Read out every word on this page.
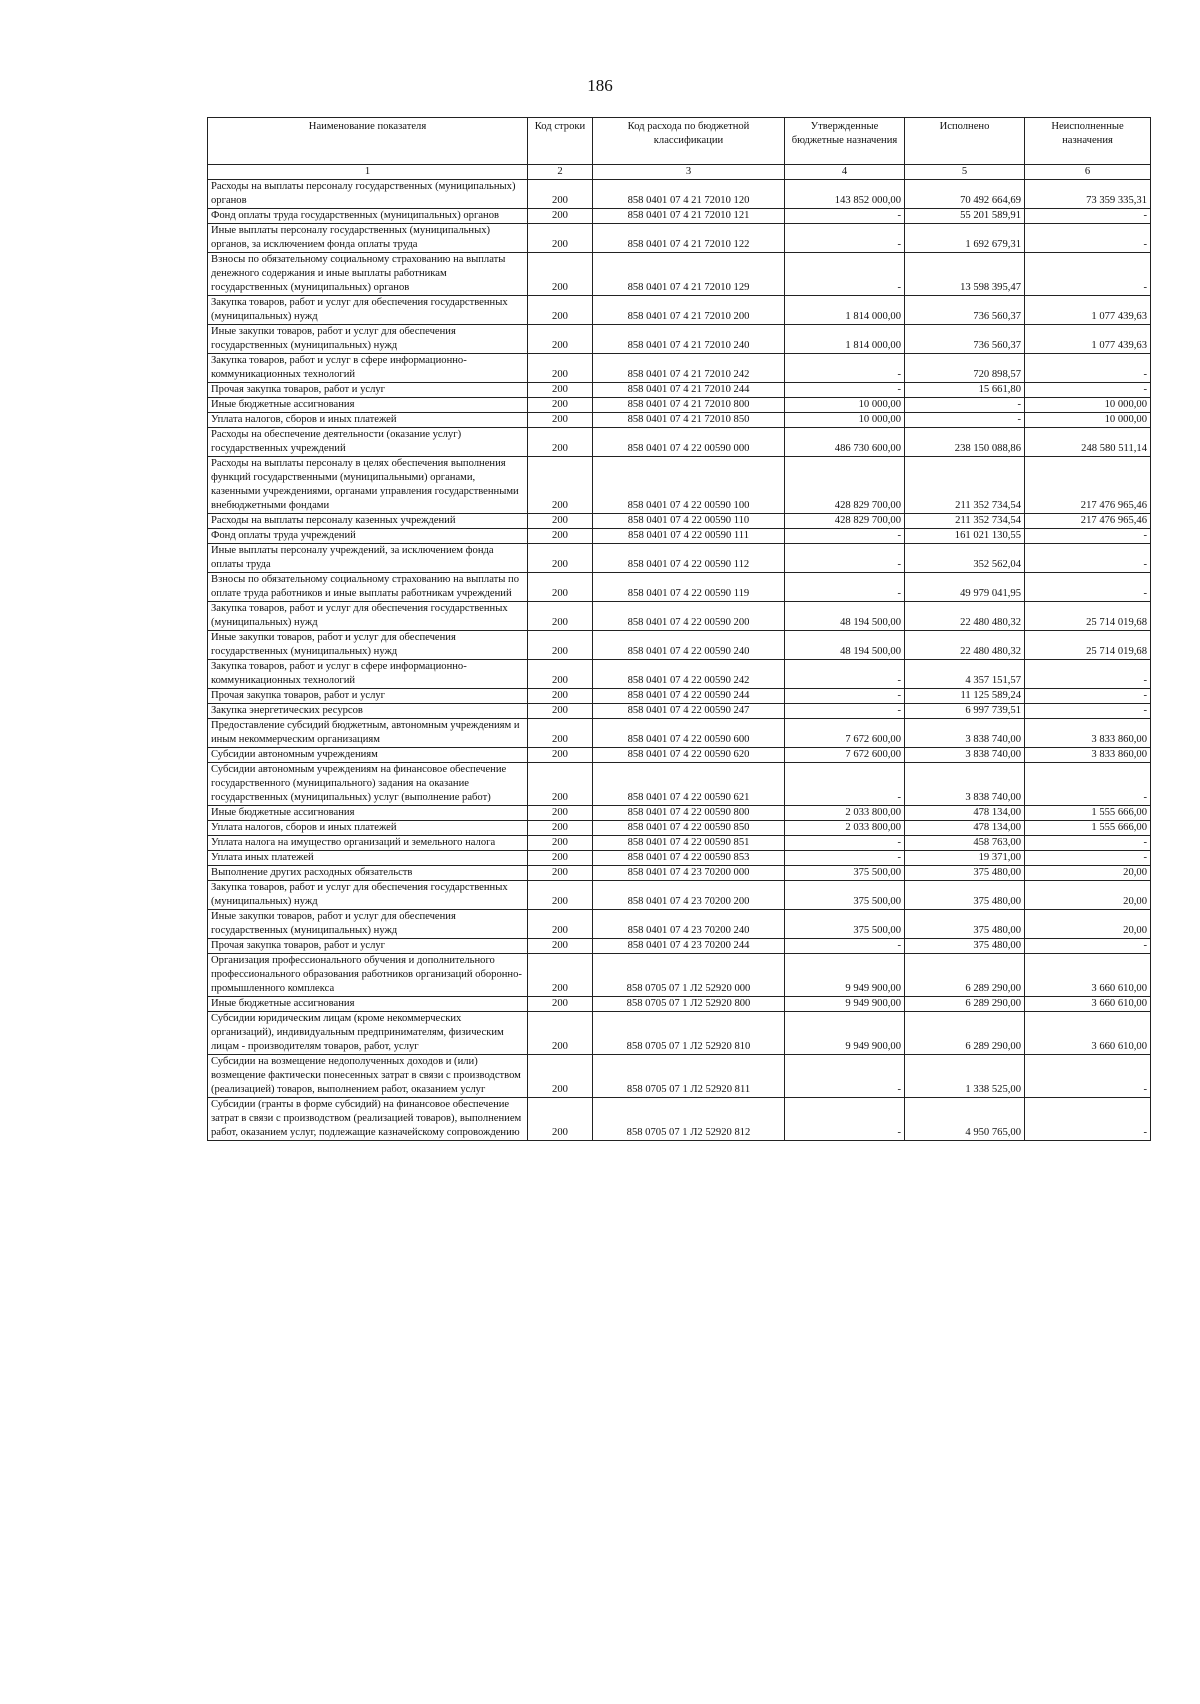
186
Наименование показателя	Код строки	Код расхода по бюджетной классификации	Утвержденные бюджетные назначения	Исполнено	Неисполненные назначения
1	2	3	4	5	6
Расходы на выплаты персоналу государственных (муниципальных) органов	200	858 0401 07 4 21 72010 120	143 852 000,00	70 492 664,69	73 359 335,31
Фонд оплаты труда государственных (муниципальных) органов	200	858 0401 07 4 21 72010 121	-	55 201 589,91	-
Иные выплаты персоналу государственных (муниципальных) органов, за исключением фонда оплаты труда	200	858 0401 07 4 21 72010 122	-	1 692 679,31	-
Взносы по обязательному социальному страхованию на выплаты денежного содержания и иные выплаты работникам государственных (муниципальных) органов	200	858 0401 07 4 21 72010 129	-	13 598 395,47	-
Закупка товаров, работ и услуг для обеспечения государственных (муниципальных) нужд	200	858 0401 07 4 21 72010 200	1 814 000,00	736 560,37	1 077 439,63
Иные закупки товаров, работ и услуг для обеспечения государственных (муниципальных) нужд	200	858 0401 07 4 21 72010 240	1 814 000,00	736 560,37	1 077 439,63
Закупка товаров, работ и услуг в сфере информационно-коммуникационных технологий	200	858 0401 07 4 21 72010 242	-	720 898,57	-
Прочая закупка товаров, работ и услуг	200	858 0401 07 4 21 72010 244	-	15 661,80	-
Иные бюджетные ассигнования	200	858 0401 07 4 21 72010 800	10 000,00	-	10 000,00
Уплата налогов, сборов и иных платежей	200	858 0401 07 4 21 72010 850	10 000,00	-	10 000,00
Расходы на обеспечение деятельности (оказание услуг) государственных учреждений	200	858 0401 07 4 22 00590 000	486 730 600,00	238 150 088,86	248 580 511,14
Расходы на выплаты персоналу в целях обеспечения выполнения функций государственными (муниципальными) органами, казенными учреждениями, органами управления государственными внебюджетными фондами	200	858 0401 07 4 22 00590 100	428 829 700,00	211 352 734,54	217 476 965,46
Расходы на выплаты персоналу казенных учреждений	200	858 0401 07 4 22 00590 110	428 829 700,00	211 352 734,54	217 476 965,46
Фонд оплаты труда учреждений	200	858 0401 07 4 22 00590 111	-	161 021 130,55	-
Иные выплаты персоналу учреждений, за исключением фонда оплаты труда	200	858 0401 07 4 22 00590 112	-	352 562,04	-
Взносы по обязательному социальному страхованию на выплаты по оплате труда работников и иные выплаты работникам учреждений	200	858 0401 07 4 22 00590 119	-	49 979 041,95	-
Закупка товаров, работ и услуг для обеспечения государственных (муниципальных) нужд	200	858 0401 07 4 22 00590 200	48 194 500,00	22 480 480,32	25 714 019,68
Иные закупки товаров, работ и услуг для обеспечения государственных (муниципальных) нужд	200	858 0401 07 4 22 00590 240	48 194 500,00	22 480 480,32	25 714 019,68
Закупка товаров, работ и услуг в сфере информационно-коммуникационных технологий	200	858 0401 07 4 22 00590 242	-	4 357 151,57	-
Прочая закупка товаров, работ и услуг	200	858 0401 07 4 22 00590 244	-	11 125 589,24	-
Закупка энергетических ресурсов	200	858 0401 07 4 22 00590 247	-	6 997 739,51	-
Предоставление субсидий бюджетным, автономным учреждениям и иным некоммерческим организациям	200	858 0401 07 4 22 00590 600	7 672 600,00	3 838 740,00	3 833 860,00
Субсидии автономным учреждениям	200	858 0401 07 4 22 00590 620	7 672 600,00	3 838 740,00	3 833 860,00
Субсидии автономным учреждениям на финансовое обеспечение государственного (муниципального) задания на оказание государственных (муниципальных) услуг (выполнение работ)	200	858 0401 07 4 22 00590 621	-	3 838 740,00	-
Иные бюджетные ассигнования	200	858 0401 07 4 22 00590 800	2 033 800,00	478 134,00	1 555 666,00
Уплата налогов, сборов и иных платежей	200	858 0401 07 4 22 00590 850	2 033 800,00	478 134,00	1 555 666,00
Уплата налога на имущество организаций и земельного налога	200	858 0401 07 4 22 00590 851	-	458 763,00	-
Уплата иных платежей	200	858 0401 07 4 22 00590 853	-	19 371,00	-
Выполнение других расходных обязательств	200	858 0401 07 4 23 70200 000	375 500,00	375 480,00	20,00
Закупка товаров, работ и услуг для обеспечения государственных (муниципальных) нужд	200	858 0401 07 4 23 70200 200	375 500,00	375 480,00	20,00
Иные закупки товаров, работ и услуг для обеспечения государственных (муниципальных) нужд	200	858 0401 07 4 23 70200 240	375 500,00	375 480,00	20,00
Прочая закупка товаров, работ и услуг	200	858 0401 07 4 23 70200 244	-	375 480,00	-
Организация профессионального обучения и дополнительного профессионального образования работников организаций оборонно-промышленного комплекса	200	858 0705 07 1 Л2 52920 000	9 949 900,00	6 289 290,00	3 660 610,00
Иные бюджетные ассигнования	200	858 0705 07 1 Л2 52920 800	9 949 900,00	6 289 290,00	3 660 610,00
Субсидии юридическим лицам (кроме некоммерческих организаций), индивидуальным предпринимателям, физическим лицам - производителям товаров, работ, услуг	200	858 0705 07 1 Л2 52920 810	9 949 900,00	6 289 290,00	3 660 610,00
Субсидии на возмещение недополученных доходов и (или) возмещение фактически понесенных затрат в связи с производством (реализацией) товаров, выполнением работ, оказанием услуг	200	858 0705 07 1 Л2 52920 811	-	1 338 525,00	-
Субсидии (гранты в форме субсидий) на финансовое обеспечение затрат в связи с производством (реализацией товаров), выполнением работ, оказанием услуг, подлежащие казначейскому сопровождению	200	858 0705 07 1 Л2 52920 812	-	4 950 765,00	-
